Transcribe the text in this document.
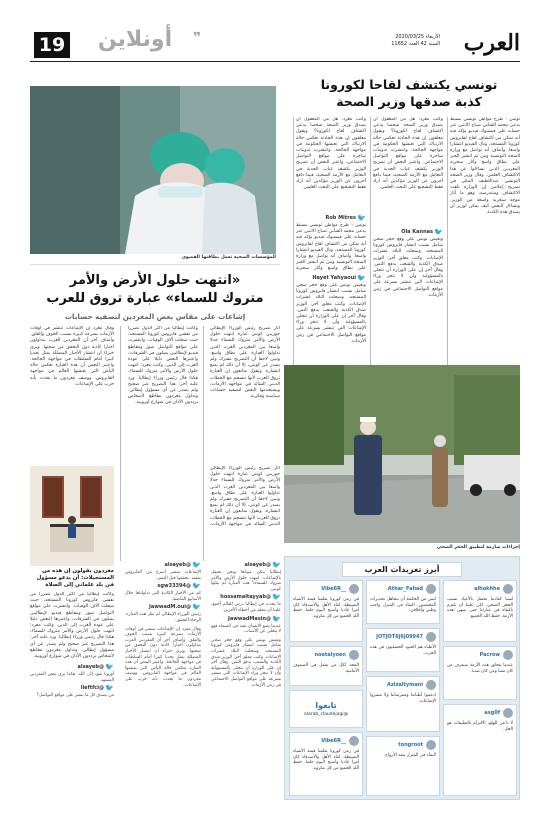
العرب
الأربعاء 2020/03/25
السنة 42 العدد 11652
أونلاين	❞
19
تونسي يكتشف لقاحا لكورونا
كذبة صدقها وزير الصحة
تونس - طرح مواطن تونسي بسيط يدعى محمد الشابي صباح الاثنين عبر حسابه على فيسبوك فيديو يؤكد فيه أنه تمكن من اكتشاف لقاح لفايروس كورونا المستجد، ونال الفيديو انتشارا واسعا. وأضاف أنه تواصل مع وزارة الصحة التونسية ومن ثم انتشر الخبر على نطاق واسع وأثار سخرية المغردين الذين تساءلوا عن هذا الاكتشاف العلمي. وقال وزير الصحة التونسي عبداللطيف المكي في تصريح إعلامي إن الوزارة تلقت الاكتشاف وستدرسه، وهو ما أثار موجة سخرية واسعة من الوزير. وتساءل البعض كيف يمكن لوزير أن يصدق هذه الكذبة.
وكتب مغرد: هل من المعقول أن يصدق وزير الصحة شخصا يدعي اكتشاف لقاح لكورونا؟ ويقول معلقون إن هذه الحادثة تعكس حالة الارتباك التي تعيشها الحكومة في مواجهة الجائحة. وانتشرت تدوينات ساخرة على مواقع التواصل الاجتماعي. واعتبر البعض أن تصريح الوزير يكشف غياب الجدية في التعامل مع الأزمة الصحية، فيما دافع آخرون عن الوزير مؤكدين أنه أراد فقط التشجيع على البحث العلمي.
🐦
Ola Kannas
وتعيش تونس على وقع حجر صحي شامل بسبب انتشار فايروس كورونا المستجد، وسجلت البلاد عشرات الإصابات. وكتب معلق آخر: الوزير صدق الكذبة والشعب يدفع الثمن. وقال آخر إن على الوزارة أن تتحلى بالمسؤولية وأن لا تنجر وراء الإشاعات التي تنتشر بسرعة على مواقع التواصل الاجتماعي في زمن الأزمات.
وكتب مغرد: هل من المعقول أن يصدق وزير الصحة شخصا يدعي اكتشاف لقاح لكورونا؟ ويقول معلقون إن هذه الحادثة تعكس حالة الارتباك التي تعيشها الحكومة في مواجهة الجائحة. وانتشرت تدوينات ساخرة على مواقع التواصل الاجتماعي. واعتبر البعض أن تصريح الوزير يكشف غياب الجدية في التعامل مع الأزمة الصحية، فيما دافع آخرون عن الوزير مؤكدين أنه أراد فقط التشجيع على البحث العلمي.
🐦
Rob Mitres
تونس - طرح مواطن تونسي بسيط يدعى محمد الشابي صباح الاثنين عبر حسابه على فيسبوك فيديو يؤكد فيه أنه تمكن من اكتشاف لقاح لفايروس كورونا المستجد، ونال الفيديو انتشارا واسعا. وأضاف أنه تواصل مع وزارة الصحة التونسية ومن ثم انتشر الخبر على نطاق واسع وأثار سخرية
🐦
Hayet Yahyaoui
وتعيش تونس على وقع حجر صحي شامل بسبب انتشار فايروس كورونا المستجد، وسجلت البلاد عشرات الإصابات. وكتب معلق آخر: الوزير صدق الكذبة والشعب يدفع الثمن. وقال آخر إن على الوزارة أن تتحلى بالمسؤولية وأن لا تنجر وراء الإشاعات التي تنتشر بسرعة على مواقع التواصل الاجتماعي في زمن الأزمات.
المؤسسات الصحية تعمل بطاقتها القصوى
«انتهت حلول الأرض والأمر
متروك للسماء» عبارة تروق للعرب
إشاعات على مقاس بعض المغردين لتصفية حسابات
إجراءات صارمة لتطبيق الحجر الصحي
أثار تصريح رئيس الوزراء الإيطالي جوزيبي كونتي عبارة انتهت حلول الأرض والأمر متروك للسماء جدلا واسعا بين المغردين العرب الذين تداولوا العبارة على نطاق واسع. وتبين لاحقا أن التصريح مفبرك ولم يصدر عن كونتي، إلا أن ذلك لم يمنع انتشاره. ويقول متابعون إن العبارة تروق للعرب لأنها تنسجم مع الخطاب الديني السائد في مواجهة الأزمات، ويستخدمها البعض لتصفية حسابات سياسية وفكرية.
وكانت إيطاليا من أكثر الدول تضررا من تفشي فايروس كورونا المستجد، حيث سجلت آلاف الوفيات. وانتشرت على مواقع التواصل صور ومقاطع فيديو لإيطاليين يصلون في الشرفات، واعتبرها البعض دليلا على عودة الغرب إلى الدين. وكتب مغرد: انتهت حلول الأرض والأمر متروك للسماء، هكذا قال رئيس وزراء إيطاليا. ورد عليه آخر: هذا التصريح غير صحيح ولم يصدر عن أي مسؤول إيطالي. وتداول مغردون مقاطع لأشخاص يرددون الأذان في شوارع أوروبية.
وقال مغرد إن الإشاعات تنتشر في أوقات الأزمات بسرعة كبيرة بسبب الخوف والقلق. وأضاف آخر أن المغردين العرب يتداولون أخبارا كاذبة دون التحقق من صحتها. ويرى خبراء أن انتشار الأخبار المضللة يمثل تحديا كبيرا أمام السلطات في مواجهة الجائحة. واعتبر البعض أن هذه العبارة تعكس حالة اليأس التي يعيشها العالم في مواجهة الفايروس. ووصف مغردون ما يحدث بأنه حرب على الإشاعات.
مغردون يقولون إن هذه من
المستحيلات: أن يدعو مسؤول
في بلد علماني إلى الصلاة
وكانت إيطاليا من أكثر الدول تضررا من تفشي فايروس كورونا المستجد، حيث سجلت آلاف الوفيات. وانتشرت على مواقع التواصل صور ومقاطع فيديو لإيطاليين يصلون في الشرفات، واعتبرها البعض دليلا على عودة الغرب إلى الدين. وكتب مغرد: انتهت حلول الأرض والأمر متروك للسماء، هكذا قال رئيس وزراء إيطاليا. ورد عليه آخر: هذا التصريح غير صحيح ولم يصدر عن أي مسؤول إيطالي. وتداول مغردون مقاطع لأشخاص يرددون الأذان في شوارع أوروبية.
أثار تصريح رئيس الوزراء الإيطالي جوزيبي كونتي عبارة انتهت حلول الأرض والأمر متروك للسماء جدلا واسعا بين المغردين العرب الذين تداولوا العبارة على نطاق واسع. وتبين لاحقا أن التصريح مفبرك ولم يصدر عن كونتي، إلا أن ذلك لم يمنع انتشاره. ويقول متابعون إن العبارة تروق للعرب لأنها تنسجم مع الخطاب الديني السائد في مواجهة الأزمات،
🐦
@alsayeb
إيطاليا تبكي موتاها ونحن نحتفل بالإشاعات. انتهت حلول الأرض والأمر متروك للسماء؟ هذه العبارة لم يقلها كونتي.
🐦
@hossamaltayyab
ما يحدث في إيطاليا درس للعالم أجمع. علينا أن نتعلم من أخطاء الآخرين.
🐦
@JawwadMasin
عندما يضع الإنسان ثقته في السماء فهو لا يتخلى عن الأسباب.
وتعيش تونس على وقع حجر صحي شامل بسبب انتشار فايروس كورونا المستجد، وسجلت البلاد عشرات الإصابات. وكتب معلق آخر: الوزير صدق الكذبة والشعب يدفع الثمن. وقال آخر إن على الوزارة أن تتحلى بالمسؤولية وأن لا تنجر وراء الإشاعات التي تنتشر بسرعة على مواقع التواصل الاجتماعي في زمن الأزمات.
🐦
@alsayeb
الإشاعات تنتشر أسرع من الفايروس نفسه. تحققوا قبل النشر.
🐦
@sgw33394
كم من الأخبار الكاذبة التي تداولناها خلال الأسابيع الماضية.
🐦
@JawwadM.oui
رئيس الوزراء الإيطالي لم يقل هذه العبارة، الرجاء التحقق.
وقال مغرد إن الإشاعات تنتشر في أوقات الأزمات بسرعة كبيرة بسبب الخوف والقلق. وأضاف آخر أن المغردين العرب يتداولون أخبارا كاذبة دون التحقق من صحتها. ويرى خبراء أن انتشار الأخبار المضللة يمثل تحديا كبيرا أمام السلطات في مواجهة الجائحة. واعتبر البعض أن هذه العبارة تعكس حالة اليأس التي يعيشها العالم في مواجهة الفايروس. ووصف مغردون ما يحدث بأنه حرب على الإشاعات.
🐦
@alsayeb
أوروبا تعود إلى الله. هكذا يرى بعض المغردين المشهد.
🐦
@lleftfci
من يصدق كل ما ينشر على مواقع التواصل؟
أبرز تغريدات العرب
alhokhhe
لسنا كعادتنا نحتفل بالأعياد بسبب الحجر الصحي، لكن علينا أن نلتزم بالبقاء في منازلنا حتى تنتهي هذه الأزمة. حفظ الله الجميع.
Athar_Fahad
ليس من الحكمة أن نتجاهل تحذيرات المختصين. البقاء في المنزل واجب وطني وأخلاقي.
__Vibe6R
في زمن كورونا تعلمنا قيمة الأشياء البسيطة. لقاء الأهل والأصدقاء كان أمرا عاديا وأصبح اليوم حلما. حفظ الله الجميع من كل مكروه.
Pacrow
عندما نتجاوز هذه الأزمة سنعرف من كان معنا ومن كان ضدنا.
JOTJOT6j6j09947
الأطباء هم الجنود الحقيقيون في هذه الحرب.
noetalyoen
المجد لكل من يعمل في الصفوف الأمامية.
asg0f
لا داعي للهلع، الالتزام بالتعليمات هو الحل.
Azizaltymani
ادعموا أطباءنا وممرضاتنا ولا تنشروا الإشاعات.
tongroot
البقاء في المنزل ينقذ الأرواح.
تابعوا
@alarab_claudejagi
__Vibe6R
في زمن كورونا تعلمنا قيمة الأشياء البسيطة. لقاء الأهل والأصدقاء كان أمرا عاديا وأصبح اليوم حلما. حفظ الله الجميع من كل مكروه.
